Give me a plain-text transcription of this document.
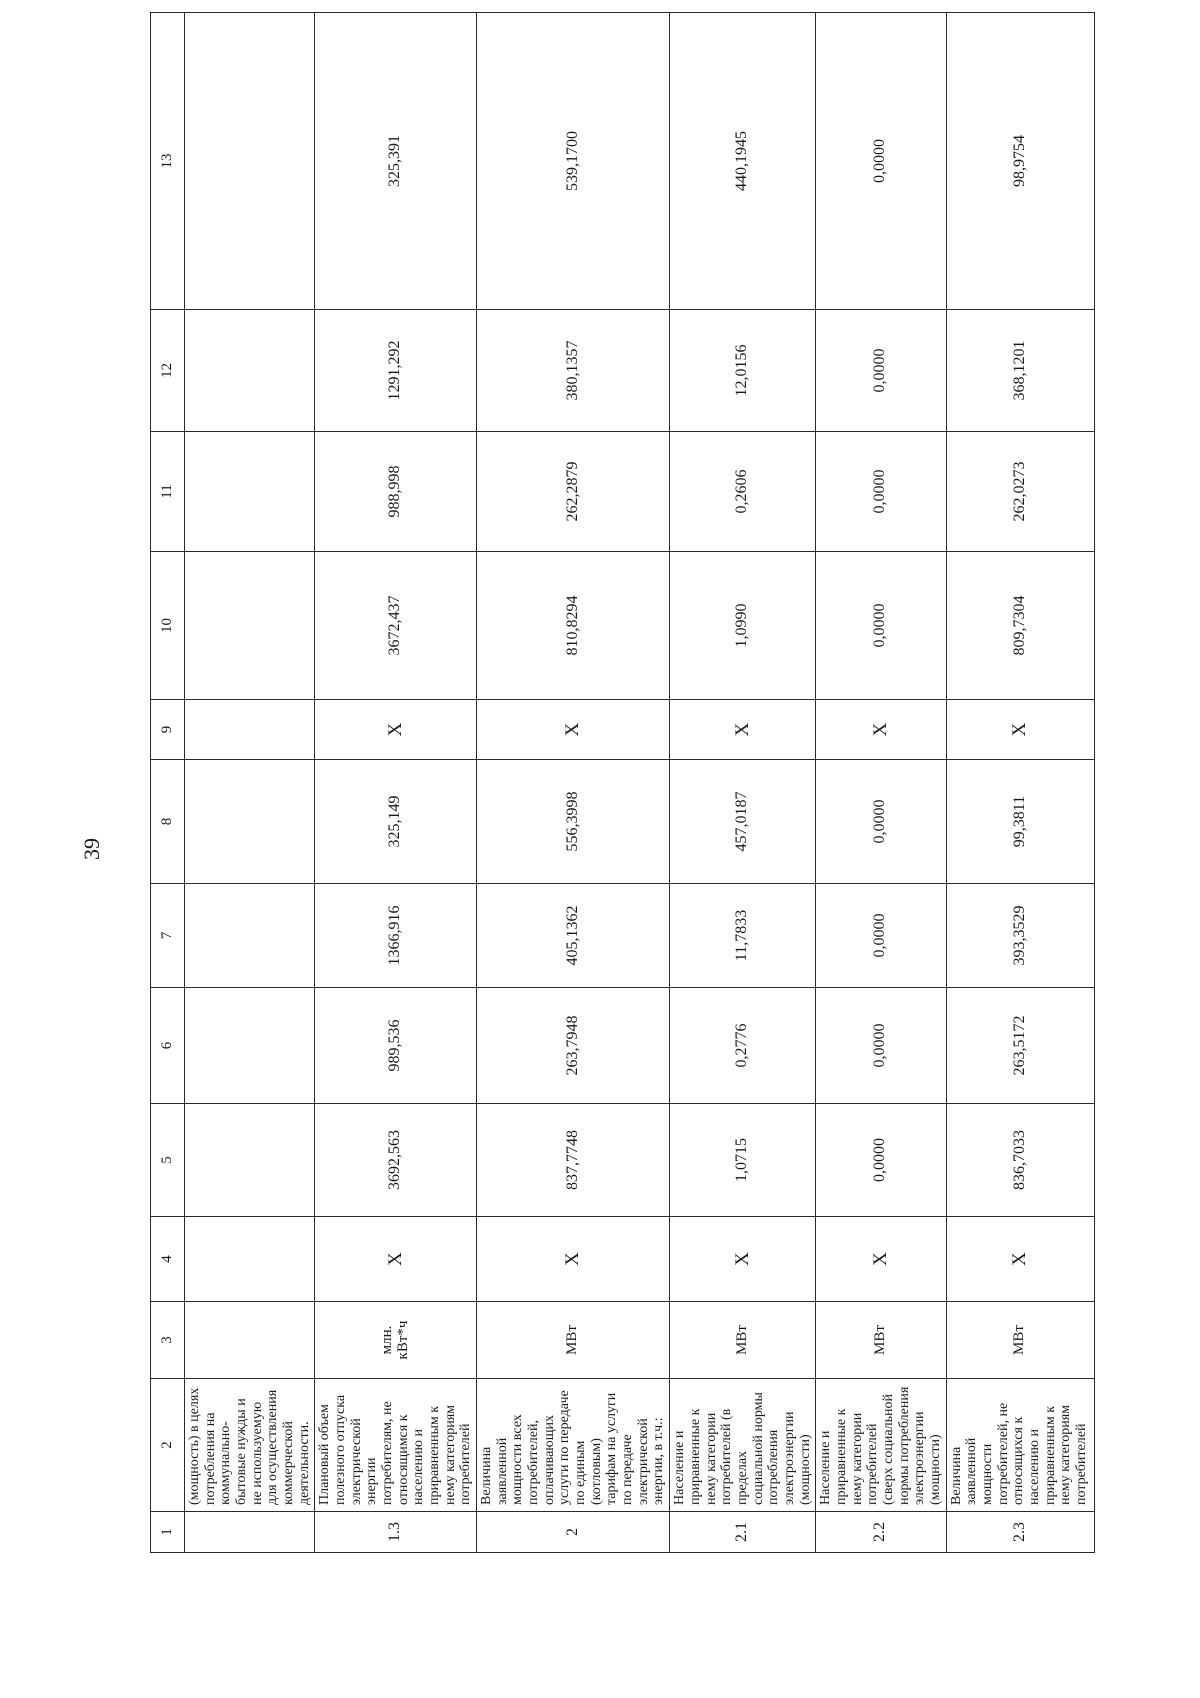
39
1	2	3	4	5	6	7	8	9	10	11	12	13
	(мощность) в целях потребления на коммунально-бытовые нужды и не используемую для осуществления коммерческой деятельности.											
1.3	Плановый объем полезного отпуска электрической энергии потребителям, не относящимся к населению и приравненным к нему категориям потребителей	млн. кВт*ч	Х	3692,563	989,536	1366,916	325,149	Х	3672,437	988,998	1291,292	325,391
2	Величина заявленной мощности всех потребителей, оплачивающих услуги по передаче по единым (котловым) тарифам на услуги по передаче электрической энергии, в т.ч.:	МВт	Х	837,7748	263,7948	405,1362	556,3998	Х	810,8294	262,2879	380,1357	539,1700
2.1	Население и приравненные к нему категории потребителей (в пределах социальной нормы потребления электроэнергии (мощности)	МВт	Х	1,0715	0,2776	11,7833	457,0187	Х	1,0990	0,2606	12,0156	440,1945
2.2	Население и приравненные к нему категории потребителей (сверх социальной нормы потребления электроэнергии (мощности)	МВт	Х	0,0000	0,0000	0,0000	0,0000	Х	0,0000	0,0000	0,0000	0,0000
2.3	Величина заявленной мощности потребителей, не относящихся к населению и приравненным к нему категориям потребителей	МВт	Х	836,7033	263,5172	393,3529	99,3811	Х	809,7304	262,0273	368,1201	98,9754
